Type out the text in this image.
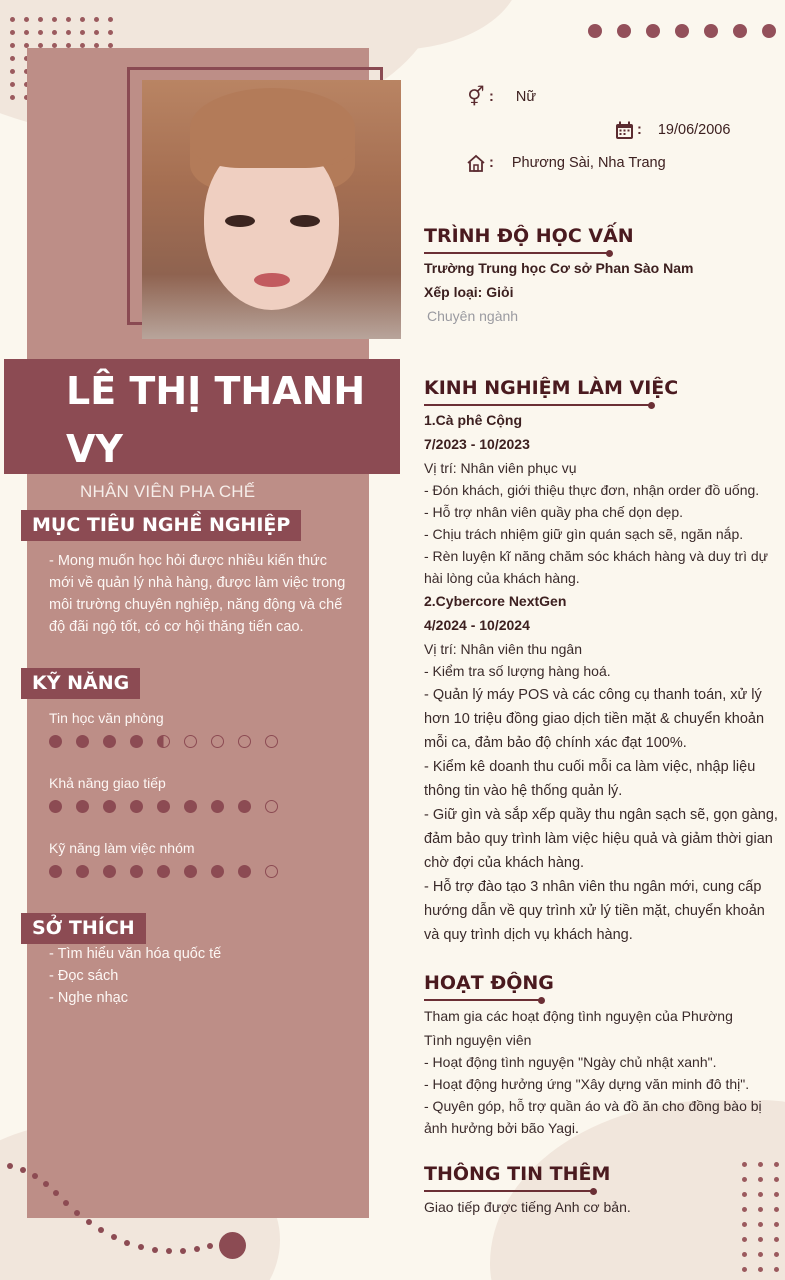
LÊ THỊ THANH VY
NHÂN VIÊN PHA CHẾ
MỤC TIÊU NGHỀ NGHIỆP
- Mong muốn học hỏi được nhiều kiến thức mới về quản lý nhà hàng, được làm việc trong môi trường chuyên nghiệp, năng động và chế độ đãi ngộ tốt, có cơ hội thăng tiến cao.
KỸ NĂNG
Tin học văn phòng
Khả năng giao tiếp
Kỹ năng làm việc nhóm
SỞ THÍCH
- Tìm hiểu văn hóa quốc tế
- Đọc sách
- Nghe nhạc
⚥ : Nữ
: 19/06/2006
: Phương Sài, Nha Trang
TRÌNH ĐỘ HỌC VẤN
Trường Trung học Cơ sở Phan Sào Nam
Xếp loại: Giỏi
Chuyên ngành
KINH NGHIỆM LÀM VIỆC
1.Cà phê Cộng
7/2023 - 10/2023
Vị trí: Nhân viên phục vụ
- Đón khách, giới thiệu thực đơn, nhận order đồ uống.
- Hỗ trợ nhân viên quầy pha chế dọn dẹp.
- Chịu trách nhiệm giữ gìn quán sạch sẽ, ngăn nắp.
- Rèn luyện kĩ năng chăm sóc khách hàng và duy trì dự hài lòng của khách hàng.
2.Cybercore NextGen
4/2024 - 10/2024
Vị trí: Nhân viên thu ngân
- Kiểm tra số lượng hàng hoá.
- Quản lý máy POS và các công cụ thanh toán, xử lý hơn 10 triệu đồng giao dịch tiền mặt & chuyển khoản mỗi ca, đảm bảo độ chính xác đạt 100%.
- Kiểm kê doanh thu cuối mỗi ca làm việc, nhập liệu thông tin vào hệ thống quản lý.
- Giữ gìn và sắp xếp quầy thu ngân sạch sẽ, gọn gàng, đảm bảo quy trình làm việc hiệu quả và giảm thời gian chờ đợi của khách hàng.
- Hỗ trợ đào tạo 3 nhân viên thu ngân mới, cung cấp hướng dẫn về quy trình xử lý tiền mặt, chuyển khoản và quy trình dịch vụ khách hàng.
HOẠT ĐỘNG
Tham gia các hoạt động tình nguyện của Phường
Tình nguyện viên
- Hoạt động tình nguyện "Ngày chủ nhật xanh".
- Hoạt động hưởng ứng "Xây dựng văn minh đô thị".
- Quyên góp, hỗ trợ quần áo và đồ ăn cho đồng bào bị ảnh hưởng bởi bão Yagi.
THÔNG TIN THÊM
Giao tiếp được tiếng Anh cơ bản.
